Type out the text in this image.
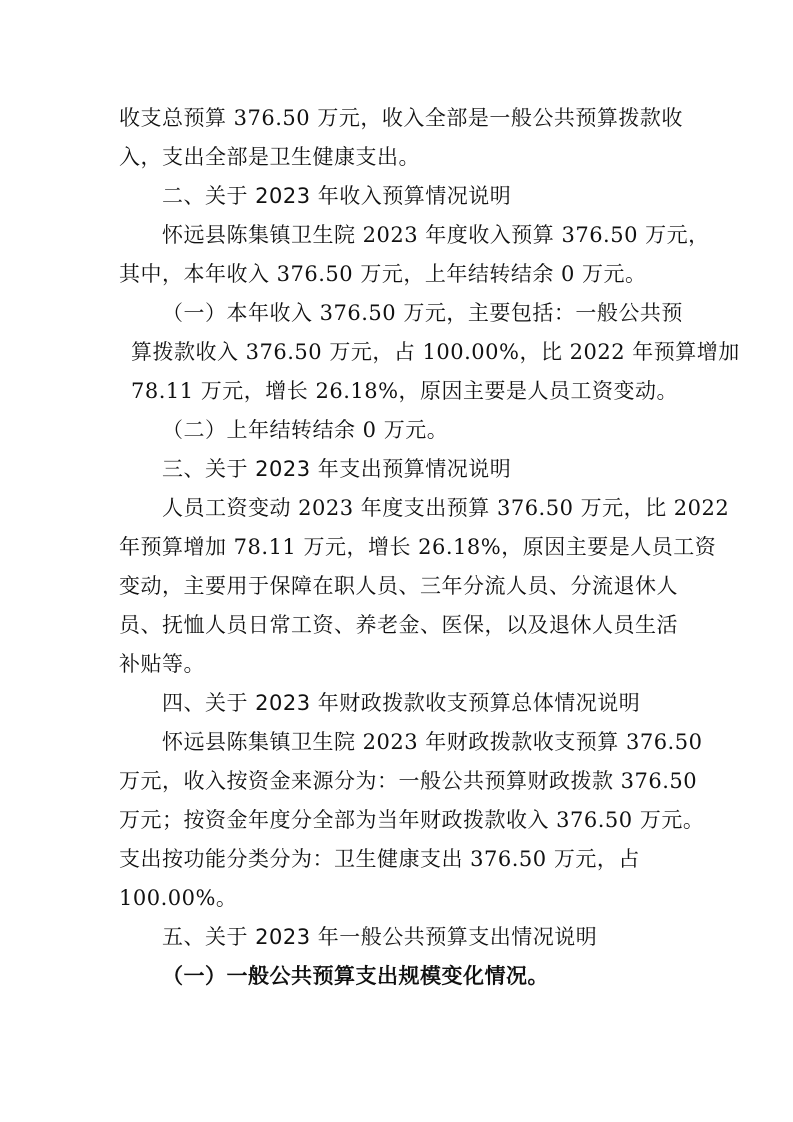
收支总预算 376.50 万元，收入全部是一般公共预算拨款收
入，支出全部是卫生健康支出。
二、关于 2023 年收入预算情况说明
怀远县陈集镇卫生院 2023 年度收入预算 376.50 万元，
其中，本年收入 376.50 万元，上年结转结余 0 万元。
（一）本年收入 376.50 万元，主要包括：一般公共预
算拨款收入 376.50 万元，占 100.00%，比 2022 年预算增加
78.11 万元，增长 26.18%，原因主要是人员工资变动。
（二）上年结转结余 0 万元。
三、关于 2023 年支出预算情况说明
人员工资变动 2023 年度支出预算 376.50 万元，比 2022
年预算增加 78.11 万元，增长 26.18%，原因主要是人员工资
变动，主要用于保障在职人员、三年分流人员、分流退休人
员、抚恤人员日常工资、养老金、医保，以及退休人员生活
补贴等。
四、关于 2023 年财政拨款收支预算总体情况说明
怀远县陈集镇卫生院 2023 年财政拨款收支预算 376.50
万元，收入按资金来源分为：一般公共预算财政拨款 376.50
万元；按资金年度分全部为当年财政拨款收入 376.50 万元。
支出按功能分类分为：卫生健康支出 376.50 万元，占
100.00%。
五、关于 2023 年一般公共预算支出情况说明
（一）一般公共预算支出规模变化情况。
